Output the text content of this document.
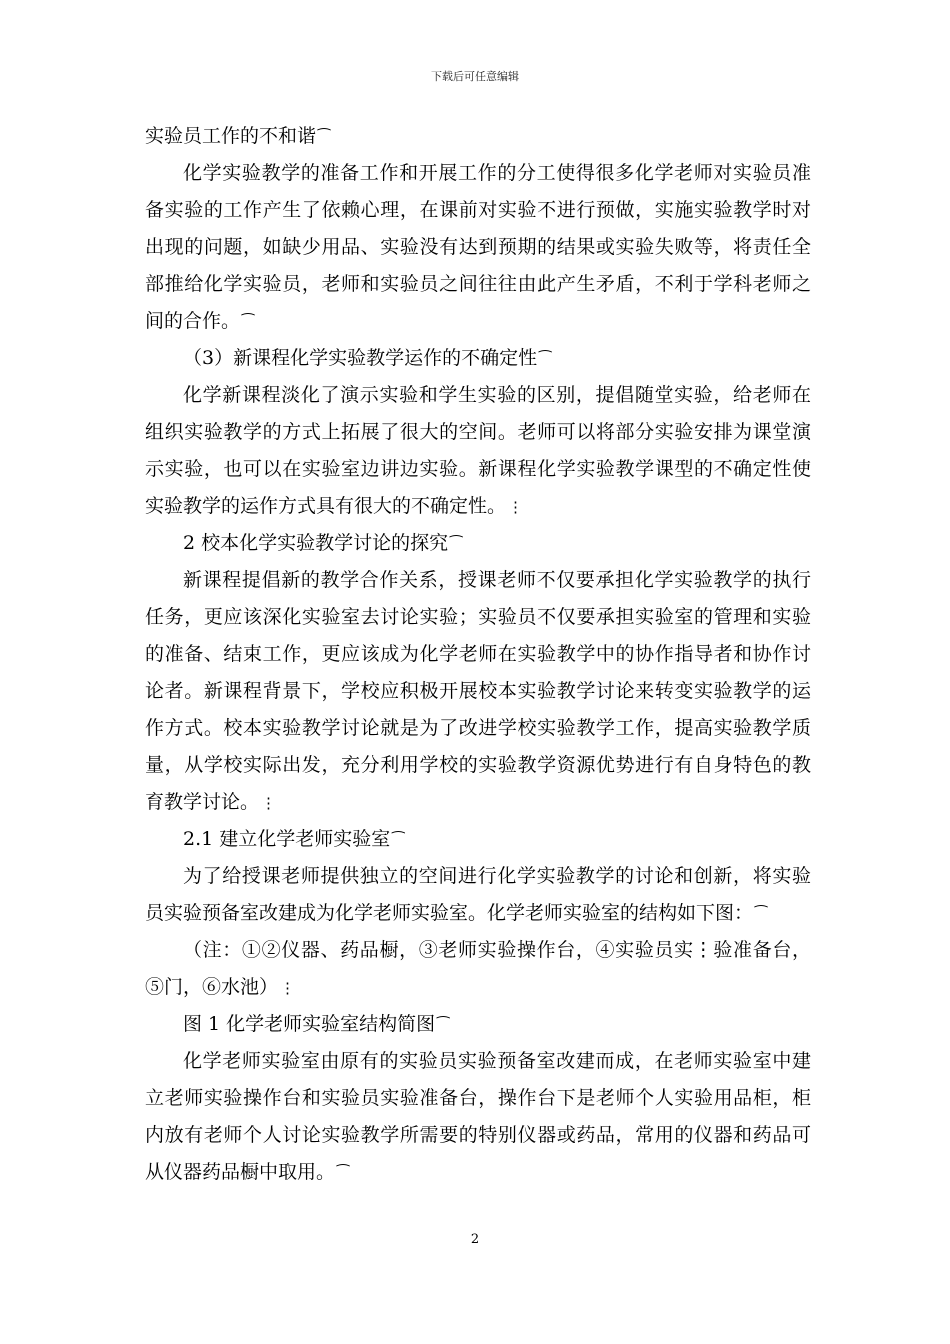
下载后可任意编辑
实验员工作的不和谐 ⁀
化学实验教学的准备工作和开展工作的分工使得很多化学老师对实验员准
备实验的工作产生了依赖心理，在课前对实验不进行预做，实施实验教学时对
出现的问题，如缺少用品、实验没有达到预期的结果或实验失败等，将责任全
部推给化学实验员，老师和实验员之间往往由此产生矛盾，不利于学科老师之
间的合作。 ⁀
（3）新课程化学实验教学运作的不确定性 ⁀
化学新课程淡化了演示实验和学生实验的区别，提倡随堂实验，给老师在
组织实验教学的方式上拓展了很大的空间。老师可以将部分实验安排为课堂演
示实验，也可以在实验室边讲边实验。新课程化学实验教学课型的不确定性使
实验教学的运作方式具有很大的不确定性。 ⋮
2 校本化学实验教学讨论的探究 ⁀
新课程提倡新的教学合作关系，授课老师不仅要承担化学实验教学的执行
任务，更应该深化实验室去讨论实验；实验员不仅要承担实验室的管理和实验
的准备、结束工作，更应该成为化学老师在实验教学中的协作指导者和协作讨
论者。新课程背景下，学校应积极开展校本实验教学讨论来转变实验教学的运
作方式。校本实验教学讨论就是为了改进学校实验教学工作，提高实验教学质
量，从学校实际出发，充分利用学校的实验教学资源优势进行有自身特色的教
育教学讨论。 ⋮
2.1 建立化学老师实验室 ⁀
为了给授课老师提供独立的空间进行化学实验教学的讨论和创新，将实验
员实验预备室改建成为化学老师实验室。化学老师实验室的结构如下图： ⁀
（注：①②仪器、药品橱，③老师实验操作台，④实验员实⋮验准备台，
⑤门，⑥水池） ⋮
图 1 化学老师实验室结构简图 ⁀
化学老师实验室由原有的实验员实验预备室改建而成，在老师实验室中建
立老师实验操作台和实验员实验准备台，操作台下是老师个人实验用品柜，柜
内放有老师个人讨论实验教学所需要的特别仪器或药品，常用的仪器和药品可
从仪器药品橱中取用。 ⁀
2
